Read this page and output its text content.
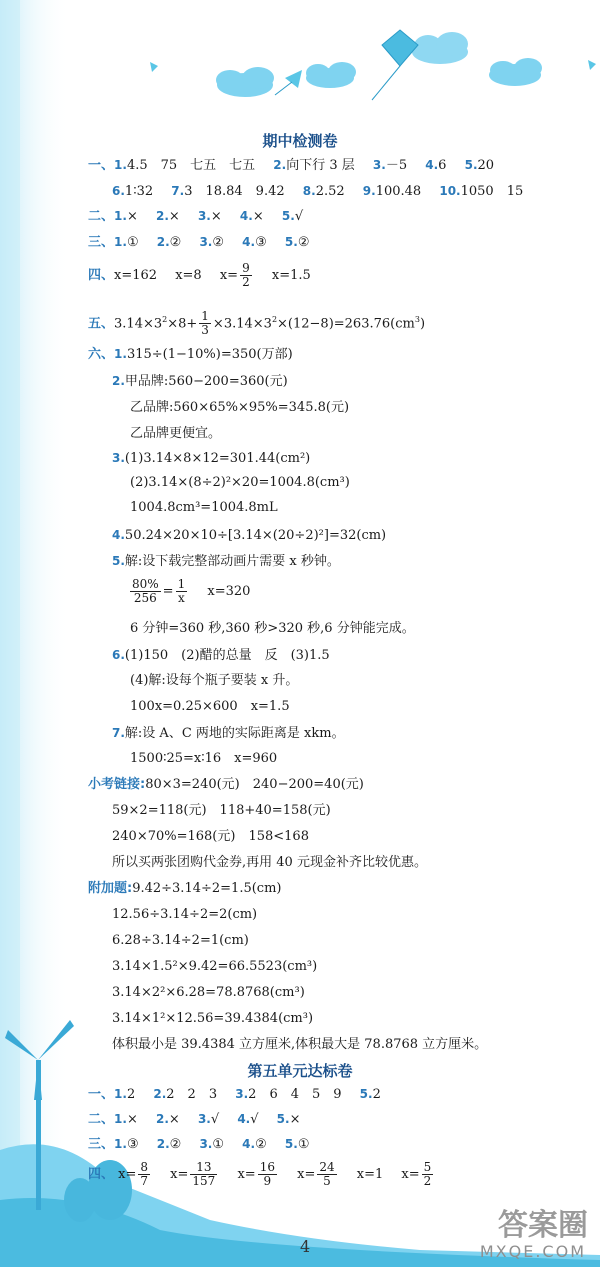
期中检测卷
一、1.4.5　75　七五　七五 2.向下行 3 层 3.－5 4.6 5.20
6.1∶32 7.3　18.84　9.42 8.2.52 9.100.48 10.1050　15
二、1.× 2.× 3.× 4.× 5.√
三、1.① 2.② 3.② 4.③ 5.②
四、x=162 x=8 $x= \frac{9}{2} x=1.5$
五、$3.14\times 3^2\times 8+ \frac{1}{3} \times 3.14\times 3^2\times(12-8)=263.76(cm^3)$
六、1.315÷(1−10%)=350(万部)
2.甲品牌:560−200=360(元)
乙品牌:560×65%×95%=345.8(元)
乙品牌更便宜。
3.(1)3.14×8×12=301.44(cm²)
(2)3.14×(8÷2)²×20=1004.8(cm³)
1004.8cm³=1004.8mL
4.50.24×20×10÷[3.14×(20÷2)²]=32(cm)
5.解:设下载完整部动画片需要 x 秒钟。
$\frac{80\%}{256} = \frac{1}{x} x=320$
6 分钟=360 秒,360 秒>320 秒,6 分钟能完成。
6.(1)150　(2)醋的总量　反　(3)1.5
(4)解:设每个瓶子要装 x 升。
100x=0.25×600　x=1.5
7.解:设 A、C 两地的实际距离是 xkm。
1500∶25=x∶16　x=960
小考链接:80×3=240(元)　240−200=40(元)
59×2=118(元)　118+40=158(元)
240×70%=168(元)　158<168
所以买两张团购代金券,再用 40 元现金补齐比较优惠。
附加题:9.42÷3.14÷2=1.5(cm)
12.56÷3.14÷2=2(cm)
6.28÷3.14÷2=1(cm)
3.14×1.5²×9.42=66.5523(cm³)
3.14×2²×6.28=78.8768(cm³)
3.14×1²×12.56=39.4384(cm³)
体积最小是 39.4384 立方厘米,体积最大是 78.8768 立方厘米。
第五单元达标卷
一、1.2 2.2　2　3 3.2　6　4　5　9 5.2
二、1.× 2.× 3.√ 4.√ 5.×
三、1.③ 2.② 3.① 4.② 5.①
四、 $x= \frac{8}{7} x= \frac{13}{157} x= \frac{16}{9} x= \frac{24}{5} x=1$ $x= \frac{5}{2}$
4
答案圈
MXQE.COM
